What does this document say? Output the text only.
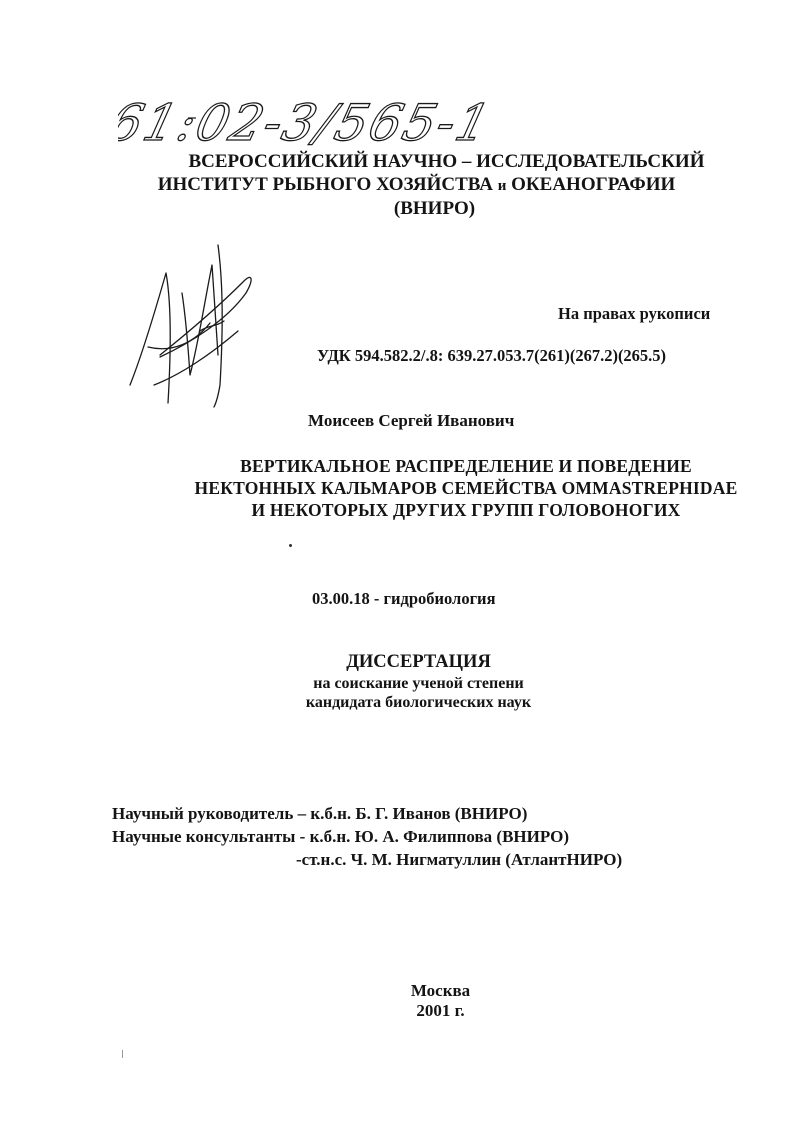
61:02-3/565-1
ВСЕРОССИЙСКИЙ НАУЧНО – ИССЛЕДОВАТЕЛЬСКИЙ
ИНСТИТУТ РЫБНОГО ХОЗЯЙСТВА и ОКЕАНОГРАФИИ
(ВНИРО)
На правах рукописи
УДК 594.582.2/.8: 639.27.053.7(261)(267.2)(265.5)
Моисеев Сергей Иванович
ВЕРТИКАЛЬНОЕ РАСПРЕДЕЛЕНИЕ И ПОВЕДЕНИЕ
НЕКТОННЫХ КАЛЬМАРОВ СЕМЕЙСТВА OMMASTREPHIDAE
И НЕКОТОРЫХ ДРУГИХ ГРУПП ГОЛОВОНОГИХ
03.00.18 - гидробиология
ДИССЕРТАЦИЯ
на соискание ученой степени
кандидата биологических наук
Научный руководитель – к.б.н. Б. Г. Иванов (ВНИРО)
Научные консультанты - к.б.н. Ю. А. Филиппова (ВНИРО)
-ст.н.с. Ч. М. Нигматуллин (АтлантНИРО)
Москва
2001 г.
